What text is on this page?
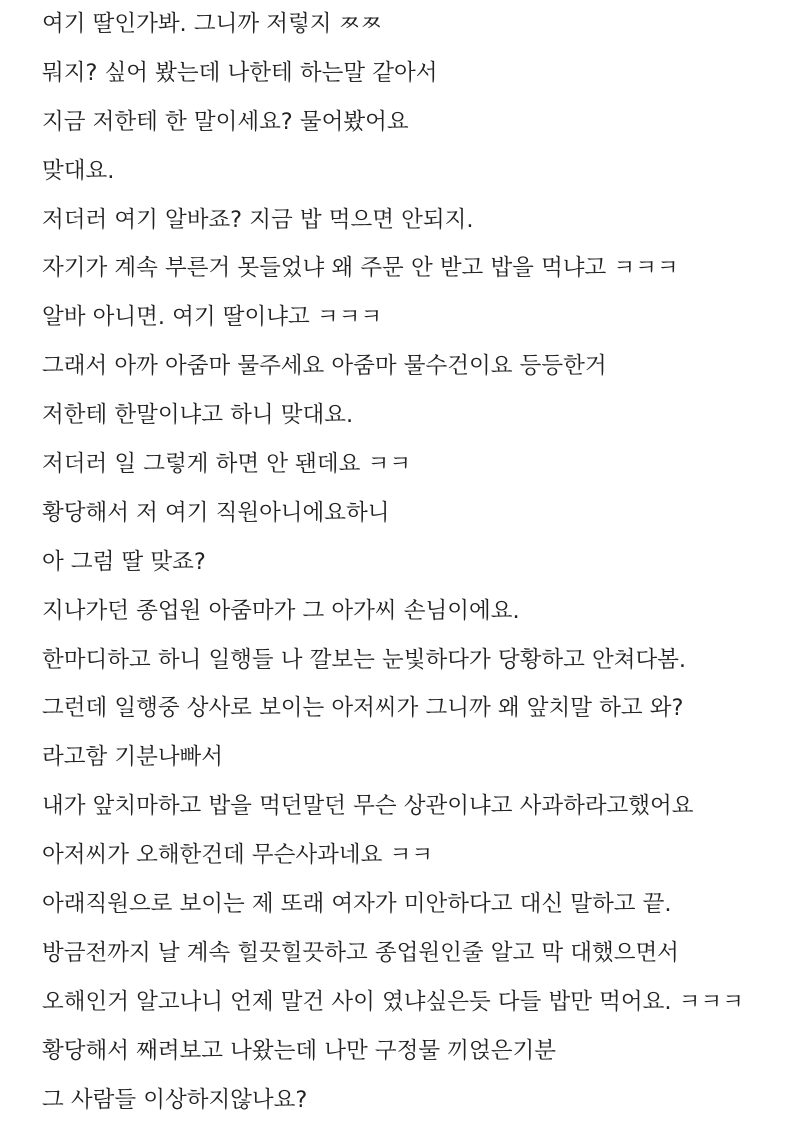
여기 딸인가봐. 그니까 저렇지 ㅉㅉ
뭐지? 싶어 봤는데 나한테 하는말 같아서
지금 저한테 한 말이세요? 물어봤어요
맞대요.
저더러 여기 알바죠? 지금 밥 먹으면 안되지.
자기가 계속 부른거 못들었냐 왜 주문 안 받고 밥을 먹냐고 ㅋㅋㅋ
알바 아니면. 여기 딸이냐고 ㅋㅋㅋ
그래서 아까 아줌마 물주세요 아줌마 물수건이요 등등한거
저한테 한말이냐고 하니 맞대요.
저더러 일 그렇게 하면 안 됀데요 ㅋㅋ
황당해서 저 여기 직원아니에요하니
아 그럼 딸 맞죠?
지나가던 종업원 아줌마가 그 아가씨 손님이에요.
한마디하고 하니 일행들 나 깔보는 눈빛하다가 당황하고 안쳐다봄.
그런데 일행중 상사로 보이는 아저씨가 그니까 왜 앞치말 하고 와?
라고함 기분나빠서
내가 앞치마하고 밥을 먹던말던 무슨 상관이냐고 사과하라고했어요
아저씨가 오해한건데 무슨사과네요 ㅋㅋ
아래직원으로 보이는 제 또래 여자가 미안하다고 대신 말하고 끝.
방금전까지 날 계속 힐끗힐끗하고 종업원인줄 알고 막 대했으면서
오해인거 알고나니 언제 말건 사이 였냐싶은듯 다들 밥만 먹어요. ㅋㅋㅋ
황당해서 째려보고 나왔는데 나만 구정물 끼얹은기분
그 사람들 이상하지않나요?
